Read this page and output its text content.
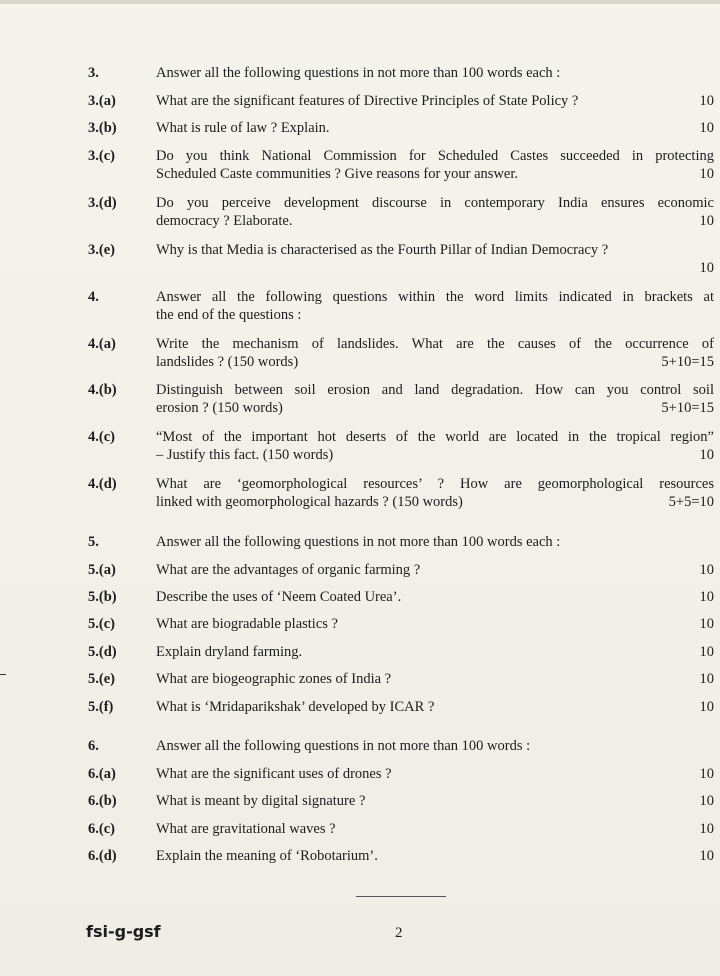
3.	Answer all the following questions in not more than 100 words each :
3.(a)	What are the significant features of Directive Principles of State Policy ?	10
3.(b)	What is rule of law ? Explain.	10
3.(c)	Do you think National Commission for Scheduled Castes succeeded in protecting
Scheduled Caste communities ? Give reasons for your answer.	10
3.(d)	Do you perceive development discourse in contemporary India ensures economic
democracy ? Elaborate.	10
3.(e)	Why is that Media is characterised as the Fourth Pillar of Indian Democracy ?
10
4.	Answer all the following questions within the word limits indicated in brackets at
the end of the questions :
4.(a)	Write the mechanism of landslides. What are the causes of the occurrence of
landslides ? (150 words)	5+10=15
4.(b)	Distinguish between soil erosion and land degradation. How can you control soil
erosion ? (150 words)	5+10=15
4.(c)	“Most of the important hot deserts of the world are located in the tropical region”
– Justify this fact. (150 words)	10
4.(d)	What are ‘geomorphological resources’ ? How are geomorphological resources
linked with geomorphological hazards ? (150 words)	5+5=10
5.	Answer all the following questions in not more than 100 words each :
5.(a)	What are the advantages of organic farming ?	10
5.(b)	Describe the uses of ‘Neem Coated Urea’.	10
5.(c)	What are biogradable plastics ?	10
5.(d)	Explain dryland farming.	10
5.(e)	What are biogeographic zones of India ?	10
5.(f)	What is ‘Mridaparikshak’ developed by ICAR ?	10
6.	Answer all the following questions in not more than 100 words :
6.(a)	What are the significant uses of drones ?	10
6.(b)	What is meant by digital signature ?	10
6.(c)	What are gravitational waves ?	10
6.(d)	Explain the meaning of ‘Robotarium’.	10
fsi-g-gsf	2
